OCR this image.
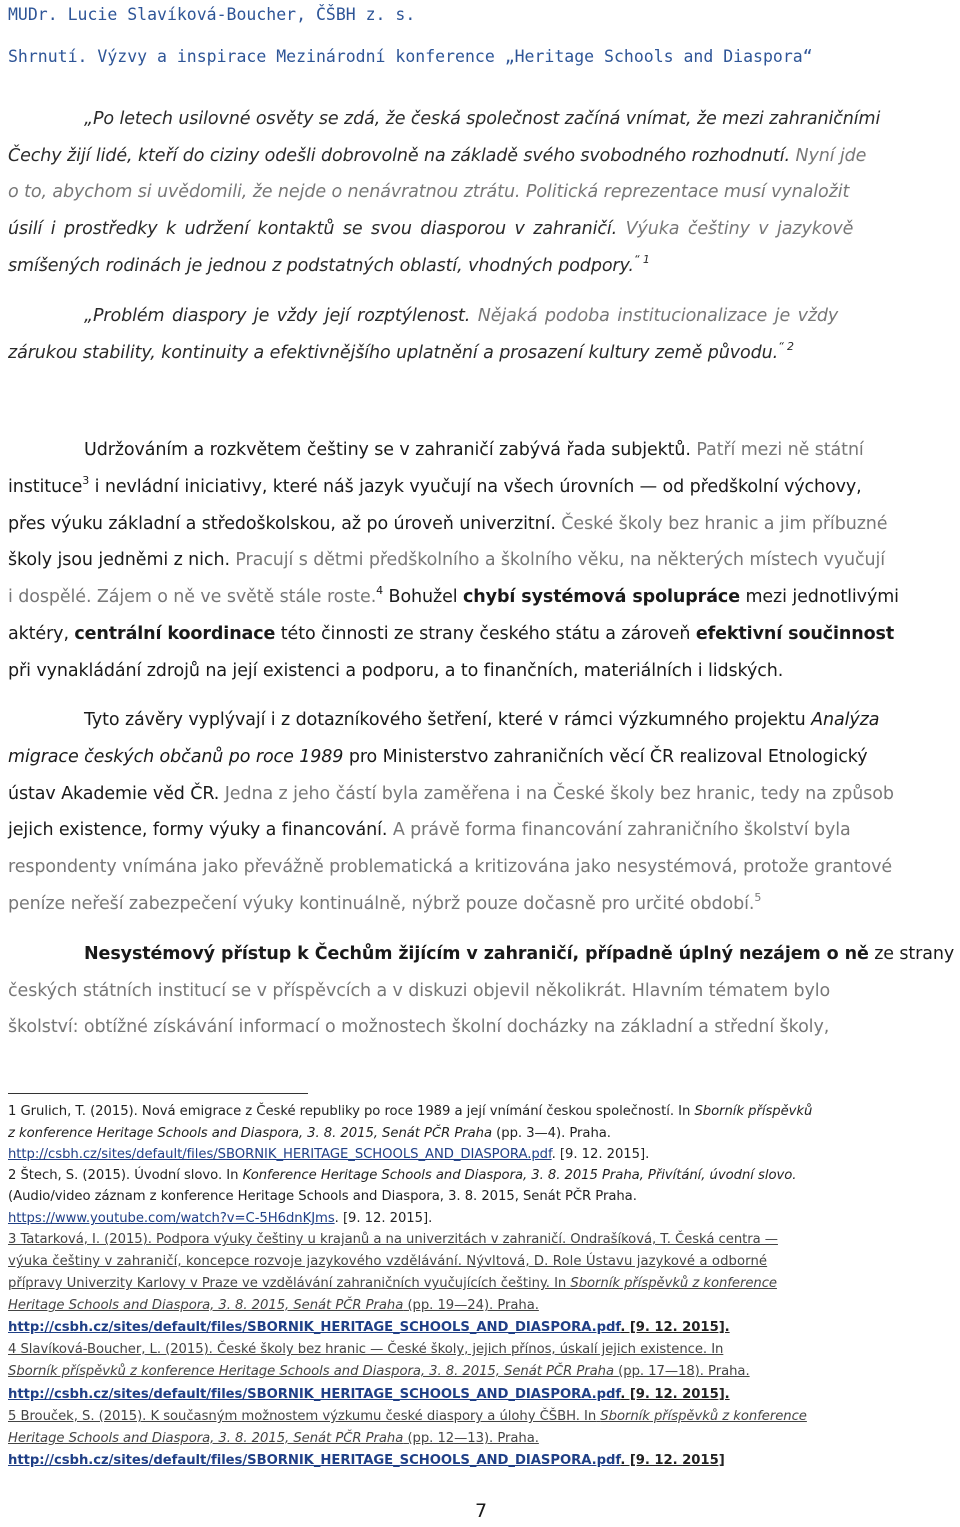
MUDr. Lucie Slavíková-Boucher, ČŠBH z. s.
Shrnutí. Výzvy a inspirace Mezinárodní konference „Heritage Schools and Diaspora“
„Po letech usilovné osvěty se zdá, že česká společnost začíná vnímat, že mezi zahraničními
Čechy žijí lidé, kteří do ciziny odešli dobrovolně na základě svého svobodného rozhodnutí. Nyní jde
o to, abychom si uvědomili, že nejde o nenávratnou ztrátu. Politická reprezentace musí vynaložit
úsilí i prostředky k udržení kontaktů se svou diasporou v zahraničí. Výuka češtiny v jazykově
smíšených rodinách je jednou z podstatných oblastí, vhodných podpory.$^{“ 1}$
„Problém diaspory je vždy její rozptýlenost. Nějaká podoba institucionalizace je vždy
zárukou stability, kontinuity a efektivnějšího uplatnění a prosazení kultury země původu.$^{“ 2}$
Udržováním a rozkvětem češtiny se v zahraničí zabývá řada subjektů. Patří mezi ně státní
instituce$^3$ i nevládní iniciativy, které náš jazyk vyučují na všech úrovních — od předškolní výchovy,
přes výuku základní a středoškolskou, až po úroveň univerzitní. České školy bez hranic a jim příbuzné
školy jsou jedněmi z nich. Pracují s dětmi předškolního a školního věku, na některých místech vyučují
i dospělé. Zájem o ně ve světě stále roste.$^4$ Bohužel chybí systémová spolupráce mezi jednotlivými
aktéry, centrální koordinace této činnosti ze strany českého státu a zároveň efektivní součinnost
při vynakládání zdrojů na její existenci a podporu, a to finančních, materiálních i lidských.
Tyto závěry vyplývají i z dotazníkového šetření, které v rámci výzkumného projektu Analýza
migrace českých občanů po roce 1989 pro Ministerstvo zahraničních věcí ČR realizoval Etnologický
ústav Akademie věd ČR. Jedna z jeho částí byla zaměřena i na České školy bez hranic, tedy na způsob
jejich existence, formy výuky a financování. A právě forma financování zahraničního školství byla
respondenty vnímána jako převážně problematická a kritizována jako nesystémová, protože grantové
peníze neřeší zabezpečení výuky kontinuálně, nýbrž pouze dočasně pro určité období.$^5$
Nesystémový přístup k Čechům žijícím v zahraničí, případně úplný nezájem o ně ze strany
českých státních institucí se v příspěvcích a v diskuzi objevil několikrát. Hlavním tématem bylo
školství: obtížné získávání informací o možnostech školní docházky na základní a střední školy,
1 Grulich, T. (2015). Nová emigrace z České republiky po roce 1989 a její vnímání českou společností. In Sborník příspěvků
z konference Heritage Schools and Diaspora, 3. 8. 2015, Senát PČR Praha (pp. 3—4). Praha.
http://csbh.cz/sites/default/files/SBORNIK_HERITAGE_SCHOOLS_AND_DIASPORA.pdf. [9. 12. 2015].
2 Štech, S. (2015). Úvodní slovo. In Konference Heritage Schools and Diaspora, 3. 8. 2015 Praha, Přivítání, úvodní slovo.
(Audio/video záznam z konference Heritage Schools and Diaspora, 3. 8. 2015, Senát PČR Praha.
https://www.youtube.com/watch?v=C-5H6dnKJms. [9. 12. 2015].
3 Tatarková, I. (2015). Podpora výuky češtiny u krajanů a na univerzitách v zahraničí. Ondrašíková, T. Česká centra —
výuka češtiny v zahraničí, koncepce rozvoje jazykového vzdělávání. Nývltová, D. Role Ústavu jazykové a odborné
přípravy Univerzity Karlovy v Praze ve vzdělávání zahraničních vyučujících češtiny. In Sborník příspěvků z konference
Heritage Schools and Diaspora, 3. 8. 2015, Senát PČR Praha (pp. 19—24). Praha.
http://csbh.cz/sites/default/files/SBORNIK_HERITAGE_SCHOOLS_AND_DIASPORA.pdf. [9. 12. 2015].
4 Slavíková-Boucher, L. (2015). České školy bez hranic — České školy, jejich přínos, úskalí jejich existence. In
Sborník příspěvků z konference Heritage Schools and Diaspora, 3. 8. 2015, Senát PČR Praha (pp. 17—18). Praha.
http://csbh.cz/sites/default/files/SBORNIK_HERITAGE_SCHOOLS_AND_DIASPORA.pdf. [9. 12. 2015].
5 Brouček, S. (2015). K současným možnostem výzkumu české diaspory a úlohy ČŠBH. In Sborník příspěvků z konference
Heritage Schools and Diaspora, 3. 8. 2015, Senát PČR Praha (pp. 12—13). Praha.
http://csbh.cz/sites/default/files/SBORNIK_HERITAGE_SCHOOLS_AND_DIASPORA.pdf. [9. 12. 2015]
7
